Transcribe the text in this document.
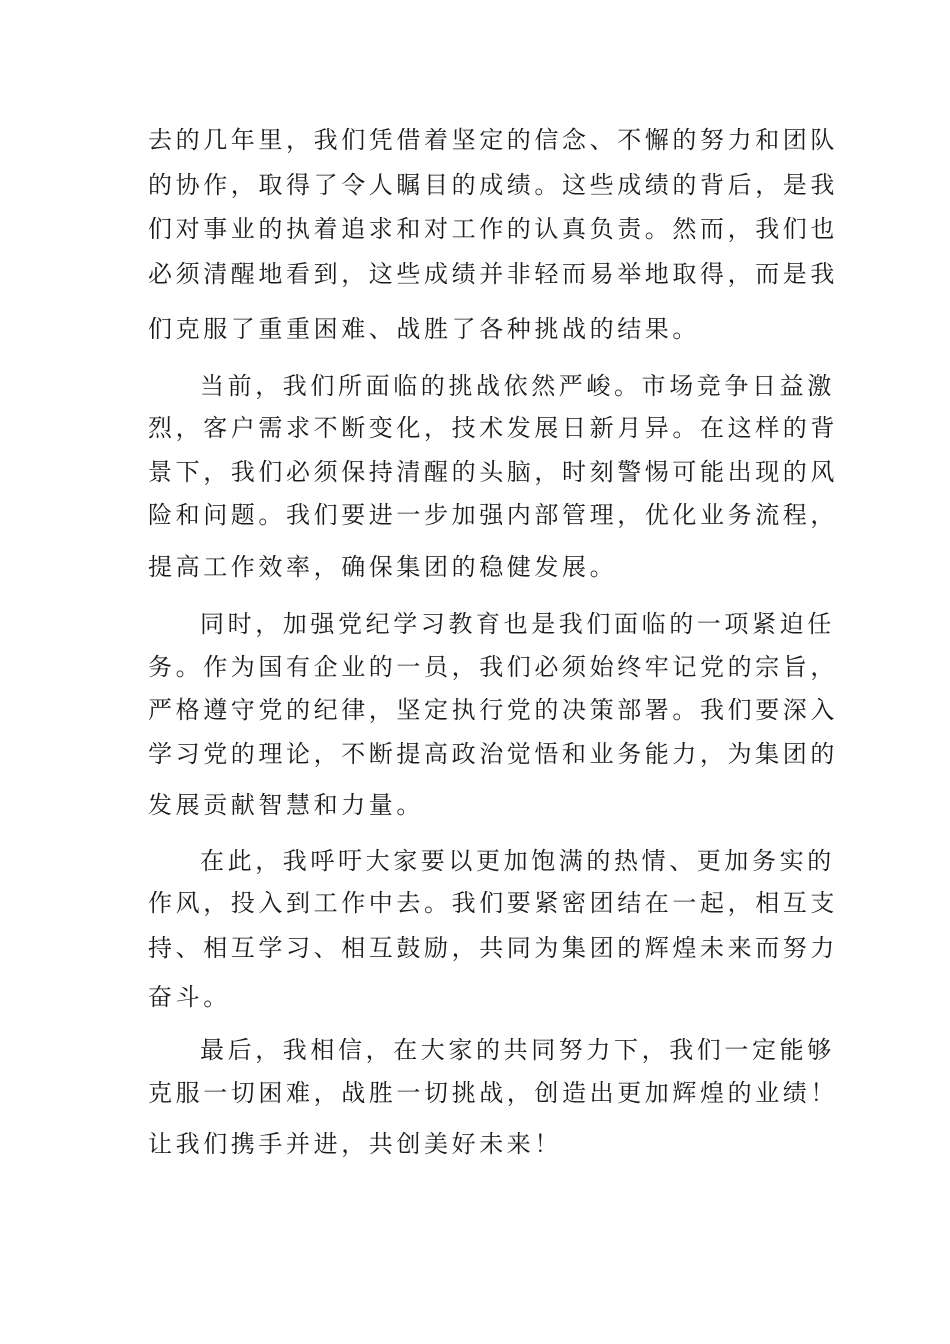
去的几年里，我们凭借着坚定的信念、不懈的努力和团队
的协作，取得了令人瞩目的成绩。这些成绩的背后，是我
们对事业的执着追求和对工作的认真负责。然而，我们也
必须清醒地看到，这些成绩并非轻而易举地取得，而是我
们克服了重重困难、战胜了各种挑战的结果。
当前，我们所面临的挑战依然严峻。市场竞争日益激
烈，客户需求不断变化，技术发展日新月异。在这样的背
景下，我们必须保持清醒的头脑，时刻警惕可能出现的风
险和问题。我们要进一步加强内部管理，优化业务流程，
提高工作效率，确保集团的稳健发展。
同时，加强党纪学习教育也是我们面临的一项紧迫任
务。作为国有企业的一员，我们必须始终牢记党的宗旨，
严格遵守党的纪律，坚定执行党的决策部署。我们要深入
学习党的理论，不断提高政治觉悟和业务能力，为集团的
发展贡献智慧和力量。
在此，我呼吁大家要以更加饱满的热情、更加务实的
作风，投入到工作中去。我们要紧密团结在一起，相互支
持、相互学习、相互鼓励，共同为集团的辉煌未来而努力
奋斗。
最后，我相信，在大家的共同努力下，我们一定能够
克服一切困难，战胜一切挑战，创造出更加辉煌的业绩！
让我们携手并进，共创美好未来！
